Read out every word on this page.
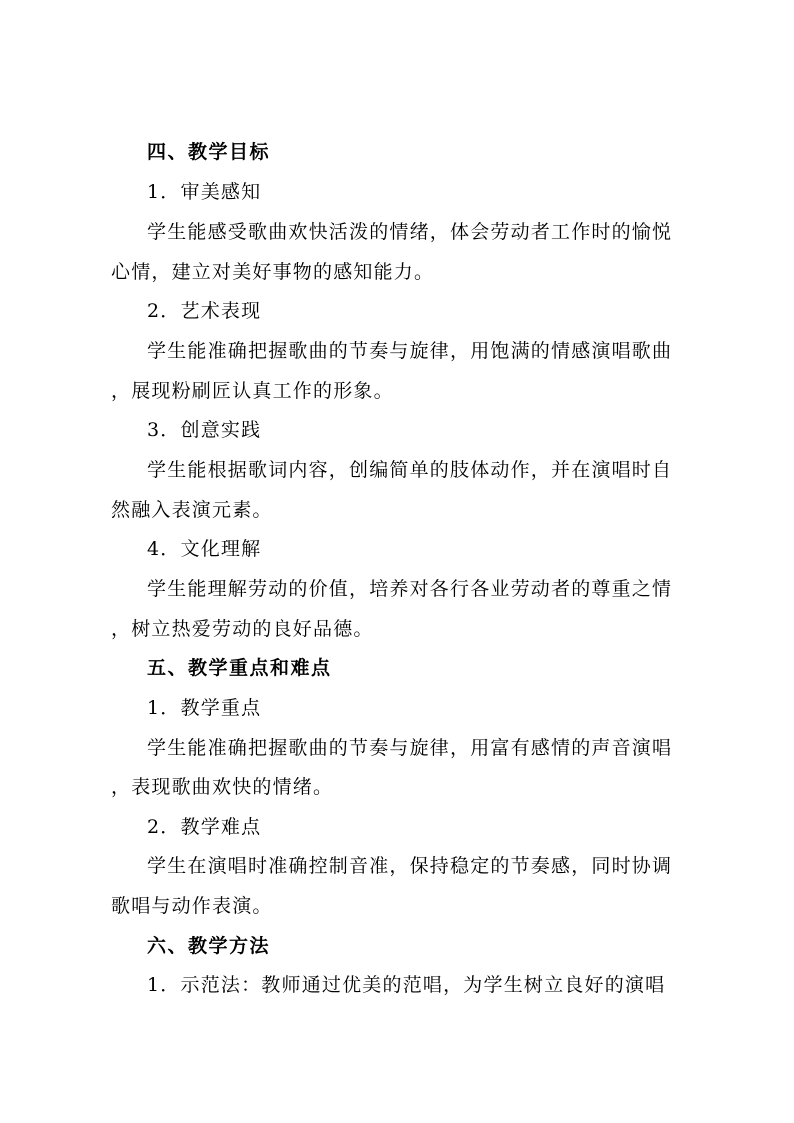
四、教学目标
1．审美感知
学生能感受歌曲欢快活泼的情绪，体会劳动者工作时的愉悦
心情，建立对美好事物的感知能力。
2．艺术表现
学生能准确把握歌曲的节奏与旋律，用饱满的情感演唱歌曲
，展现粉刷匠认真工作的形象。
3．创意实践
学生能根据歌词内容，创编简单的肢体动作，并在演唱时自
然融入表演元素。
4．文化理解
学生能理解劳动的价值，培养对各行各业劳动者的尊重之情
，树立热爱劳动的良好品德。
五、教学重点和难点
1．教学重点
学生能准确把握歌曲的节奏与旋律，用富有感情的声音演唱
，表现歌曲欢快的情绪。
2．教学难点
学生在演唱时准确控制音准，保持稳定的节奏感，同时协调
歌唱与动作表演。
六、教学方法
1．示范法：教师通过优美的范唱，为学生树立良好的演唱
